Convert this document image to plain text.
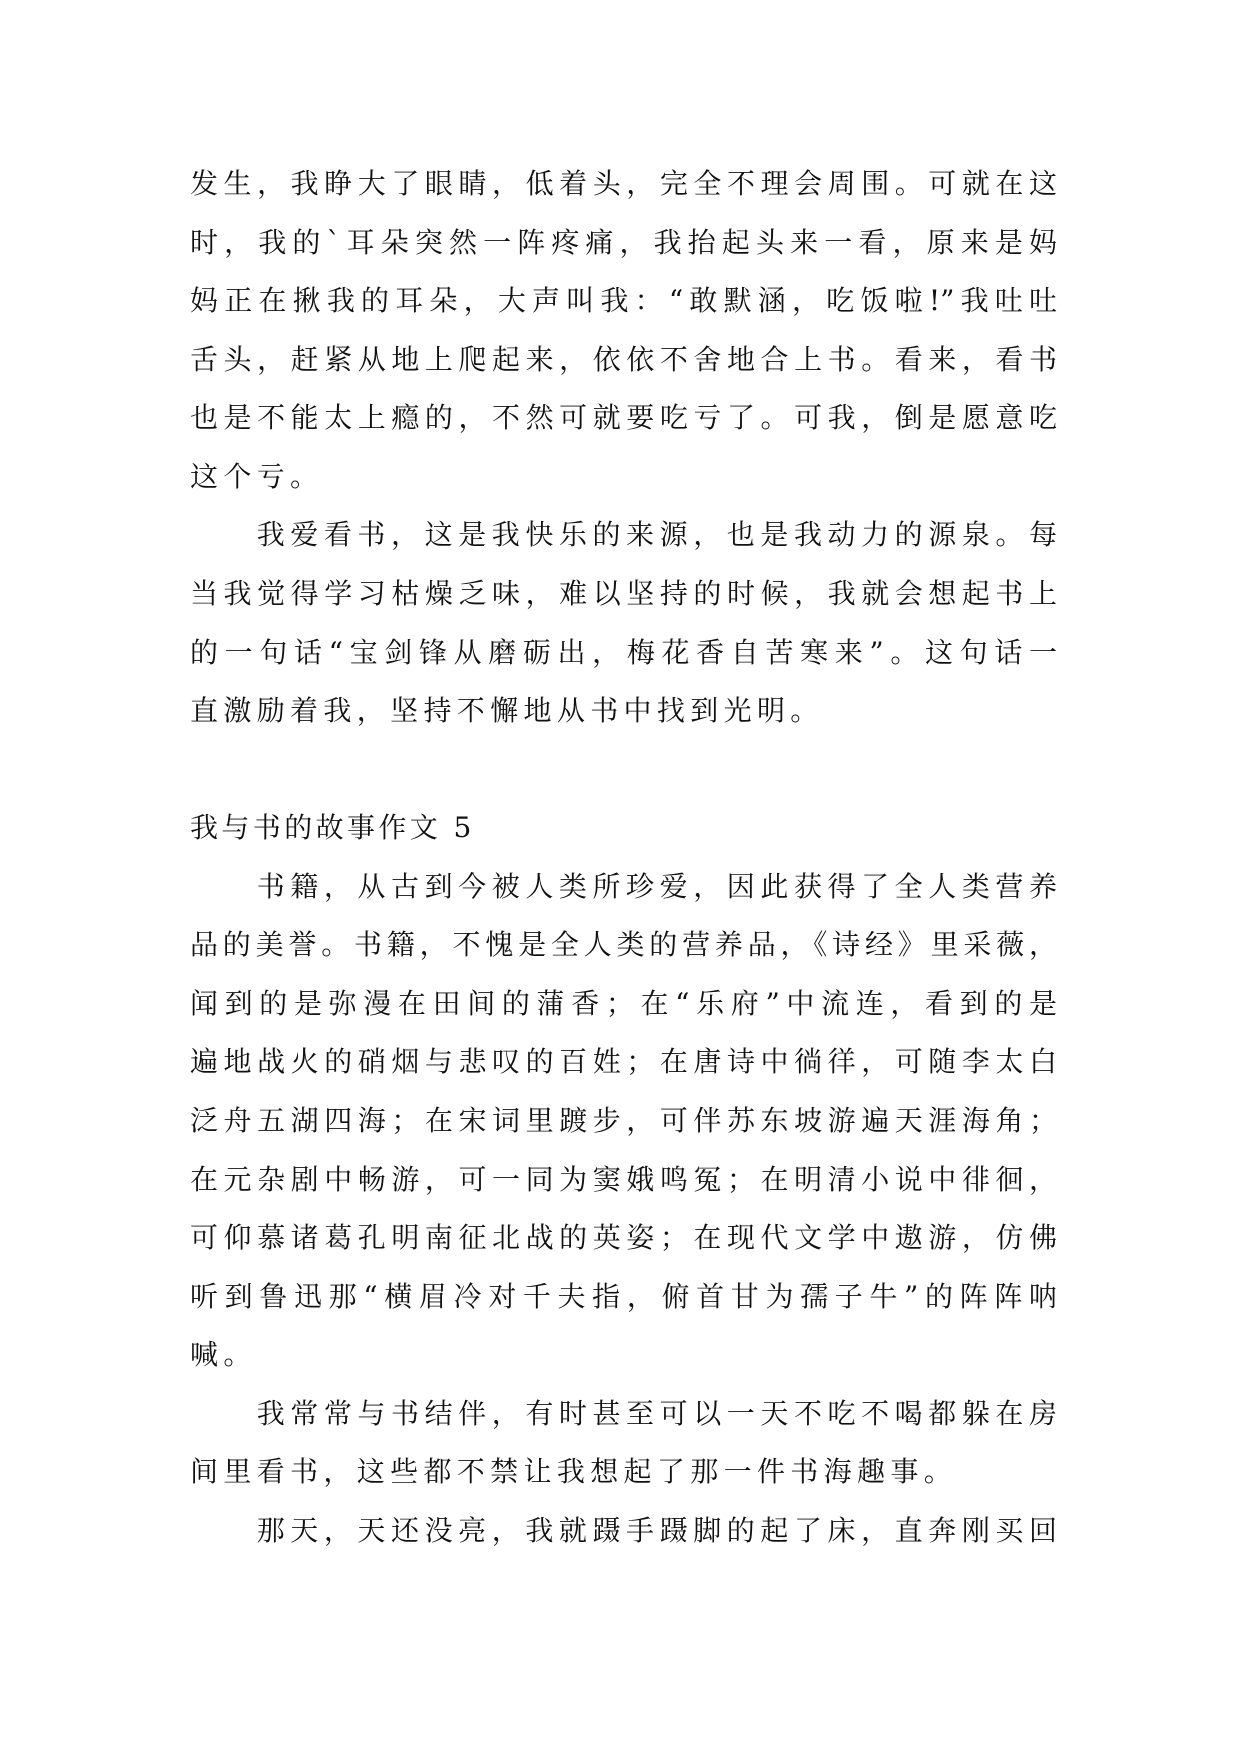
发生，我睁大了眼睛，低着头，完全不理会周围。可就在这
时，我的`耳朵突然一阵疼痛，我抬起头来一看，原来是妈
妈正在揪我的耳朵，大声叫我：“敢默涵，吃饭啦!”我吐吐
舌头，赶紧从地上爬起来，依依不舍地合上书。看来，看书
也是不能太上瘾的，不然可就要吃亏了。可我，倒是愿意吃
这个亏。
我爱看书，这是我快乐的来源，也是我动力的源泉。每
当我觉得学习枯燥乏味，难以坚持的时候，我就会想起书上
的一句话“宝剑锋从磨砺出，梅花香自苦寒来”。这句话一
直激励着我，坚持不懈地从书中找到光明。
我与书的故事作文 5
书籍，从古到今被人类所珍爱，因此获得了全人类营养
品的美誉。书籍，不愧是全人类的营养品，《诗经》里采薇，
闻到的是弥漫在田间的蒲香；在“乐府”中流连，看到的是
遍地战火的硝烟与悲叹的百姓；在唐诗中徜徉，可随李太白
泛舟五湖四海；在宋词里踱步，可伴苏东坡游遍天涯海角；
在元杂剧中畅游，可一同为窦娥鸣冤；在明清小说中徘徊，
可仰慕诸葛孔明南征北战的英姿；在现代文学中遨游，仿佛
听到鲁迅那“横眉冷对千夫指，俯首甘为孺子牛”的阵阵呐
喊。
我常常与书结伴，有时甚至可以一天不吃不喝都躲在房
间里看书，这些都不禁让我想起了那一件书海趣事。
那天，天还没亮，我就蹑手蹑脚的起了床，直奔刚买回
